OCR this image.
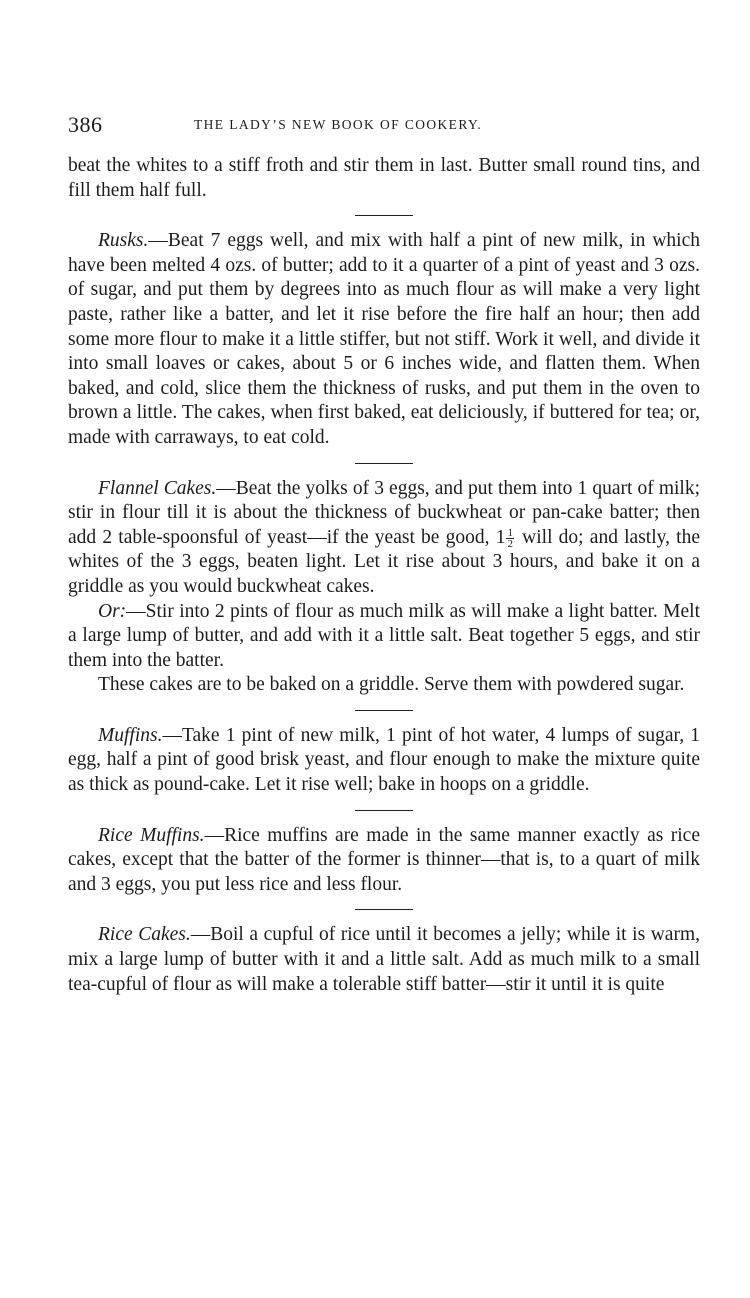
386	THE LADY’S NEW BOOK OF COOKERY.

beat the whites to a stiff froth and stir them in last. Butter small round tins, and fill them half full.

Rusks.—Beat 7 eggs well, and mix with half a pint of new milk, in which have been melted 4 ozs. of butter; add to it a quarter of a pint of yeast and 3 ozs. of sugar, and put them by degrees into as much flour as will make a very light paste, rather like a batter, and let it rise before the fire half an hour; then add some more flour to make it a little stiffer, but not stiff. Work it well, and divide it into small loaves or cakes, about 5 or 6 inches wide, and flatten them. When baked, and cold, slice them the thickness of rusks, and put them in the oven to brown a little. The cakes, when first baked, eat deliciously, if buttered for tea; or, made with carraways, to eat cold.

Flannel Cakes.—Beat the yolks of 3 eggs, and put them into 1 quart of milk; stir in flour till it is about the thickness of buckwheat or pan-cake batter; then add 2 table-spoonsful of yeast—if the yeast be good, $1 \frac{1}{2}$ will do; and lastly, the whites of the 3 eggs, beaten light. Let it rise about 3 hours, and bake it on a griddle as you would buckwheat cakes.

Or:—Stir into 2 pints of flour as much milk as will make a light batter. Melt a large lump of butter, and add with it a little salt. Beat together 5 eggs, and stir them into the batter.

These cakes are to be baked on a griddle. Serve them with powdered sugar.

Muffins.—Take 1 pint of new milk, 1 pint of hot water, 4 lumps of sugar, 1 egg, half a pint of good brisk yeast, and flour enough to make the mixture quite as thick as pound-cake. Let it rise well; bake in hoops on a griddle.

Rice Muffins.—Rice muffins are made in the same manner exactly as rice cakes, except that the batter of the former is thinner—that is, to a quart of milk and 3 eggs, you put less rice and less flour.

Rice Cakes.—Boil a cupful of rice until it becomes a jelly; while it is warm, mix a large lump of butter with it and a little salt. Add as much milk to a small tea-cupful of flour as will make a tolerable stiff batter—stir it until it is quite
